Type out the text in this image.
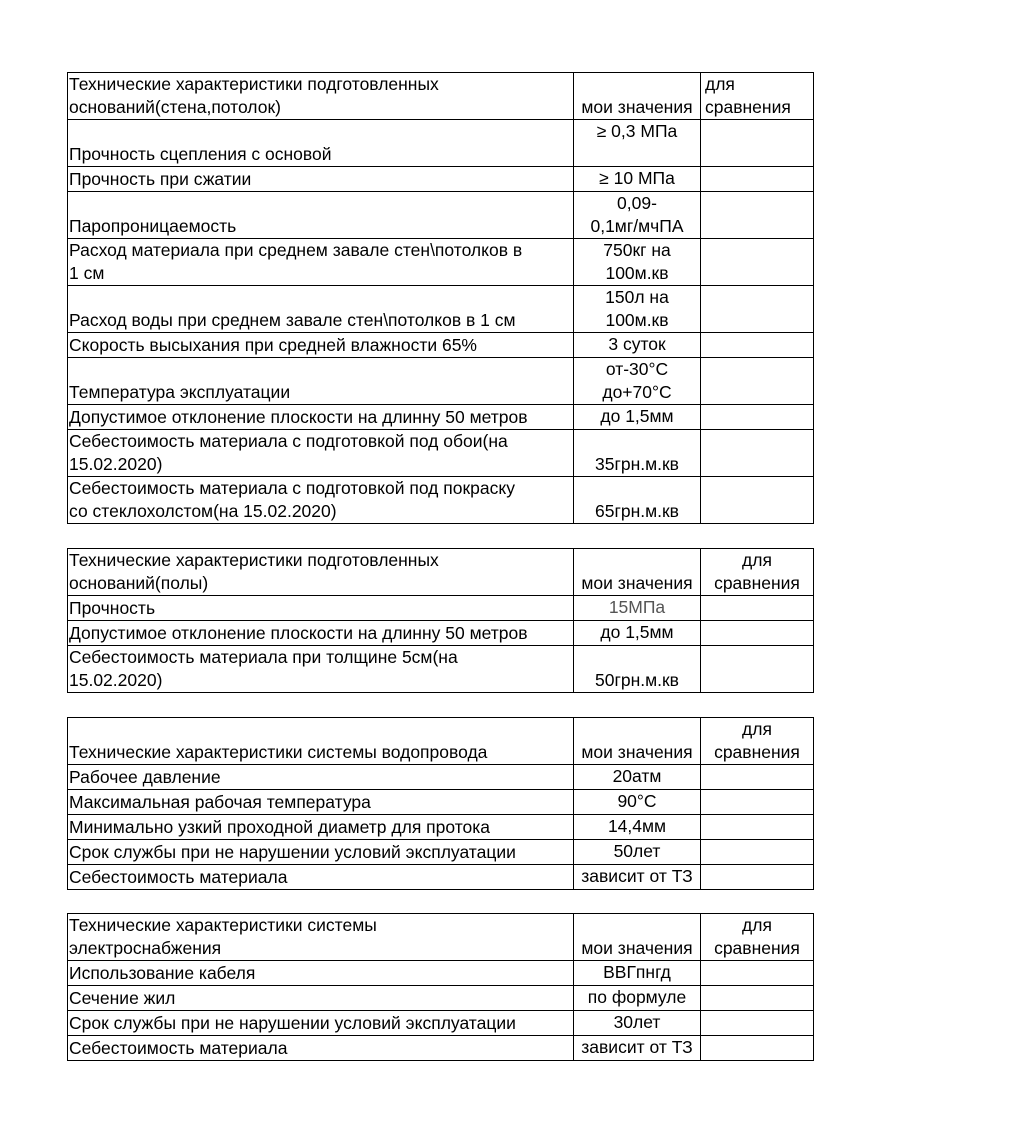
Технические характеристики подготовленных
оснований(стена,потолок)	мои значения	для
сравнения
Прочность сцепления с основой	≥ 0,3 МПа	
Прочность при сжатии	≥ 10 МПа	
Паропроницаемость	0,09-
0,1мг/мчПА	
Расход материала при среднем завале стен\потолков в
1 см	750кг на
100м.кв	
Расход воды при среднем завале стен\потолков в 1 см	150л на
100м.кв	
Скорость высыхания при средней влажности 65%	3 суток	
Температура эксплуатации	от-30°С
до+70°С	
Допустимое отклонение плоскости на длинну 50 метров	до 1,5мм	
Себестоимость материала с подготовкой под обои(на
15.02.2020)	35грн.м.кв	
Себестоимость материала с подготовкой под покраску
со стеклохолстом(на 15.02.2020)	65грн.м.кв	
Технические характеристики подготовленных
оснований(полы)	мои значения	для
сравнения
Прочность	15МПа	
Допустимое отклонение плоскости на длинну 50 метров	до 1,5мм	
Себестоимость материала при толщине 5см(на
15.02.2020)	50грн.м.кв	
Технические характеристики системы водопровода	мои значения	для
сравнения
Рабочее давление	20атм	
Максимальная рабочая температура	90°С	
Минимально узкий проходной диаметр для протока	14,4мм	
Срок службы при не нарушении условий эксплуатации	50лет	
Себестоимость материала	зависит от ТЗ	
Технические характеристики системы
электроснабжения	мои значения	для
сравнения
Использование кабеля	ВВГпнгд	
Сечение жил	по формуле	
Срок службы при не нарушении условий эксплуатации	30лет	
Себестоимость материала	зависит от ТЗ	
